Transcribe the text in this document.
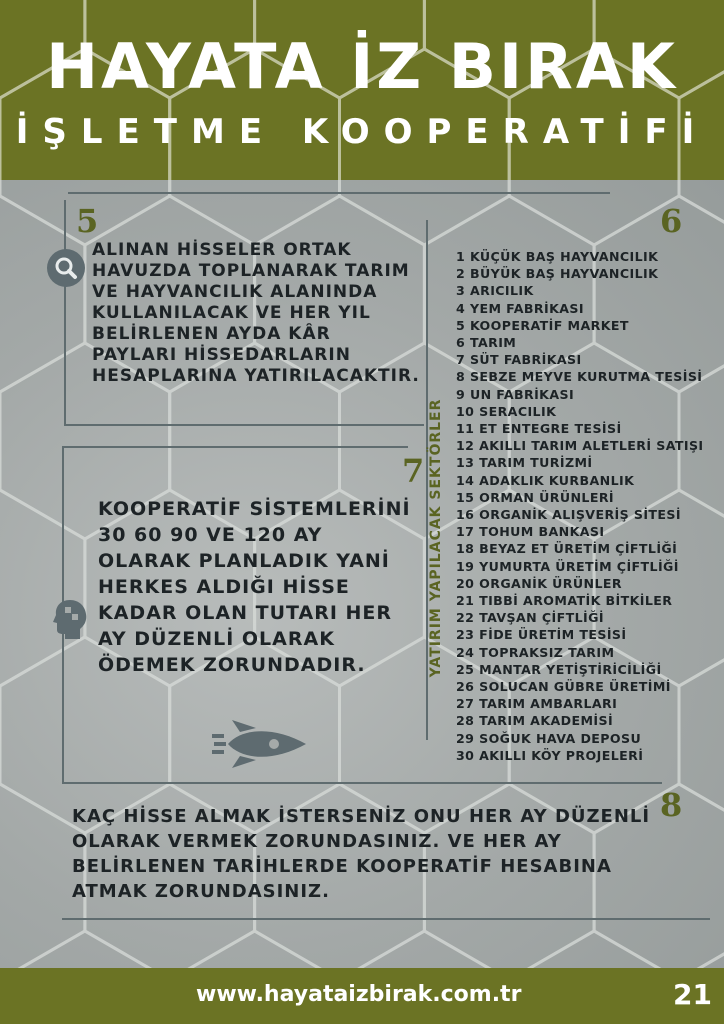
HAYATA İZ BIRAK
İŞLETME KOOPERATİFİ
5
ALINAN HİSSELER ORTAK HAVUZDA TOPLANARAK TARIM VE HAYVANCILIK ALANINDA KULLANILACAK VE HER YIL BELİRLENEN AYDA KÂR PAYLARI HİSSEDARLARIN HESAPLARINA YATIRILACAKTIR.
6
YATIRIM YAPILACAK SEKTÖRLER
1 KÜÇÜK BAŞ HAYVANCILIK
2 BÜYÜK BAŞ HAYVANCILIK
3 ARICILIK
4 YEM FABRİKASI
5 KOOPERATİF MARKET
6 TARIM
7 SÜT FABRİKASI
8 SEBZE MEYVE KURUTMA TESİSİ
9 UN FABRİKASI
10 SERACILIK
11 ET ENTEGRE TESİSİ
12 AKILLI TARIM ALETLERİ SATIŞI
13 TARIM TURİZMİ
14 ADAKLIK KURBANLIK
15 ORMAN ÜRÜNLERİ
16 ORGANİK ALIŞVERİŞ SİTESİ
17 TOHUM BANKASI
18 BEYAZ ET ÜRETİM ÇİFTLİĞİ
19 YUMURTA ÜRETİM ÇİFTLİĞİ
20 ORGANİK ÜRÜNLER
21 TIBBİ AROMATİK BİTKİLER
22 TAVŞAN ÇİFTLİĞİ
23 FİDE ÜRETİM TESİSİ
24 TOPRAKSIZ TARIM
25 MANTAR YETİŞTİRİCİLİĞİ
26 SOLUCAN GÜBRE ÜRETİMİ
27 TARIM AMBARLARI
28 TARIM AKADEMİSİ
29 SOĞUK HAVA DEPOSU
30 AKILLI KÖY PROJELERİ
7
KOOPERATİF SİSTEMLERİNİ 30 60 90 VE 120 AY OLARAK PLANLADIK YANİ HERKES ALDIĞI HİSSE KADAR OLAN TUTARI HER AY DÜZENLİ OLARAK ÖDEMEK ZORUNDADIR.
8
KAÇ HİSSE ALMAK İSTERSENİZ ONU HER AY DÜZENLİ OLARAK VERMEK ZORUNDASINIZ. VE HER AY BELİRLENEN TARİHLERDE KOOPERATİF HESABINA ATMAK ZORUNDASINIZ.
www.hayataizbirak.com.tr	21
